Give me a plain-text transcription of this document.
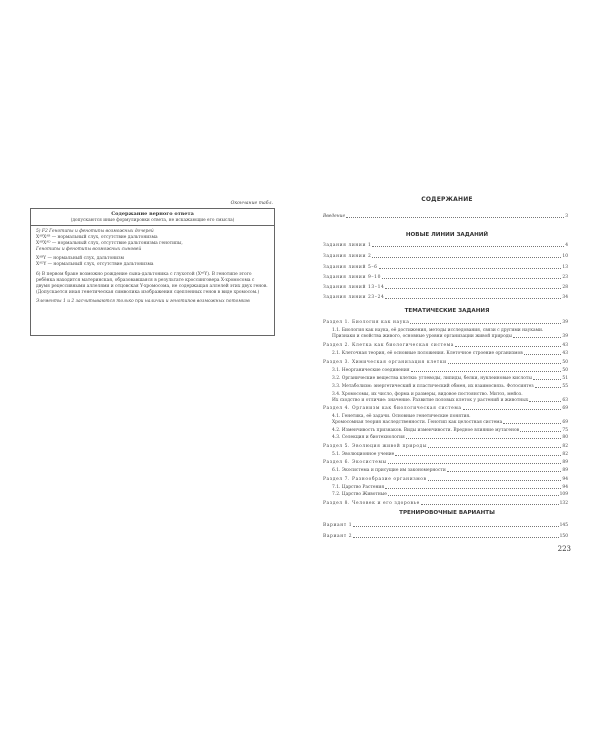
Окончание табл.
Содержание верного ответа
(допускаются иные формулировки ответа, не искажающие его смысла)
5) F2 Генотипы и фенотипы возможных дочерей
XᴬᴮXᴬᴮ — нормальный слух, отсутствие дальтонизма
XᴬᴮXᴬᴰ — нормальный слух, отсутствие дальтонизма генотипы,
Генотипы и фенотипы возможных сыновей
XᴬᴮY — нормальный слух, дальтонизм
XᴬᴰY — нормальный слух, отсутствие дальтонизма
6) В первом браке возможно рождение сына-дальтоника с глухотой (XᵃᵈY). В генотипе этого ребёнка находится материнская, образовавшаяся в результате кроссинговера X-хромосома с двумя рецессивными аллелями и отцовская Y-хромосома, не содержащая аллелей этих двух генов. (Допускается иная генетическая символика изображения сцепленных генов в виде хромосом.)
Элементы 1 и 2 засчитываются только при наличии и генотипов возможных потомков
СОДЕРЖАНИЕ
Введение	3
Задания линии 1	4
Задания линии 2	10
Задания линий 5–6	13
Задания линии 9–10	23
Задания линий 13–14	28
Задания линии 23–24	34
Раздел 1. Биология как наука	39
1.1. Биология как наука, её достижения, методы исследования, связи с другими науками.
Признаки и свойства живого, основные уровни организации живой природы	39
Раздел 2. Клетка как биологическая система	43
2.1. Клеточная теория, её основные положения. Клеточное строение организмов	43
Раздел 3. Химическая организация клетки	50
3.1. Неорганические соединения	50
3.2. Органические вещества клетки: углеводы, липиды, белки, нуклеиновые кислоты	51
3.3. Метаболизм: энергетический и пластический обмен, их взаимосвязь. Фотосинтез	55
3.4. Хромосомы, их число, форма и размеры, видовое постоянство. Митоз, мейоз.
Их сходство и отличие: значение. Развитие половых клеток у растений и животных	63
Раздел 4. Организм как биологическая система	69
4.1. Генетика, её задачи. Основные генетические понятия.
Хромосомная теория наследственности. Генотип как целостная система	69
4.2. Изменчивость признаков. Виды изменчивости. Вредное влияние мутагенов	75
4.3. Селекция и биотехнология	80
Раздел 5. Эволюция живой природы	82
5.1. Эволюционное учение	82
Раздел 6. Экосистемы	89
6.1. Экосистема и присущие им закономерности	89
Раздел 7. Разнообразие организмов	94
7.1. Царство Растения	94
7.2. Царство Животные	109
Раздел 8. Человек и его здоровье	132
Вариант 1	145
Вариант 2	150
НОВЫЕ ЛИНИИ ЗАДАНИЙ
ТЕМАТИЧЕСКИЕ ЗАДАНИЯ
ТРЕНИРОВОЧНЫЕ ВАРИАНТЫ
223
